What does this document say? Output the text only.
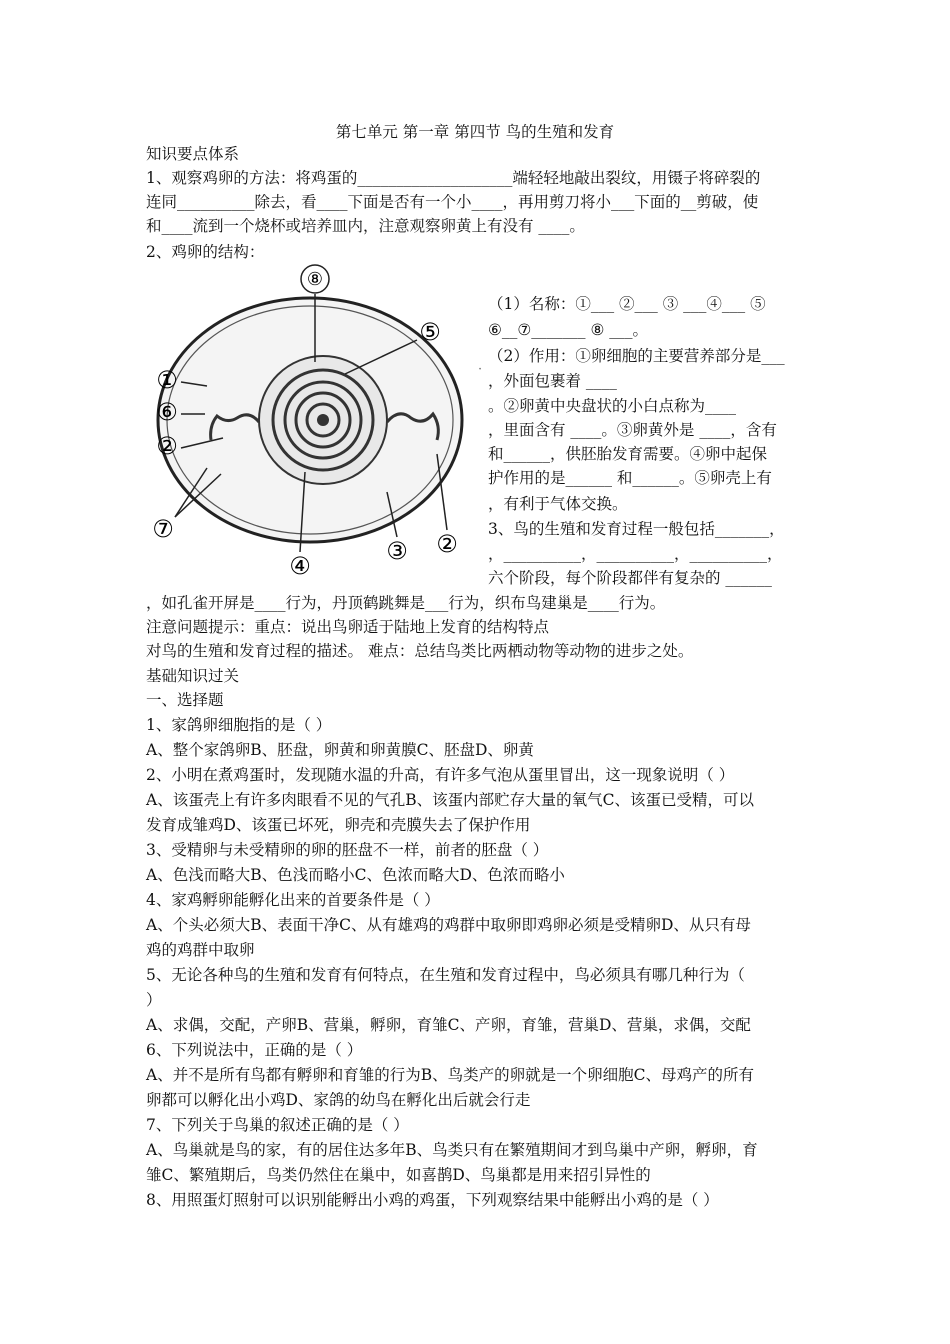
第七单元 第一章 第四节 鸟的生殖和发育
知识要点体系
1、观察鸡卵的方法：将鸡蛋的____________________端轻轻地敲出裂纹，用镊子将碎裂的
连同__________除去，看____下面是否有一个小____，再用剪刀将小___下面的__剪破，使
和____流到一个烧杯或培养皿内，注意观察卵黄上有没有 ____。
2、鸡卵的结构：
⑧
⑤
①
⑥
②
⑦
④
③ ②
·
（1）名称：①___ ②___ ③ ___④___ ⑤
⑥__⑦_______ ⑧ ___。
（2）作用：①卵细胞的主要营养部分是___
，外面包裹着 ____
。②卵黄中央盘状的小白点称为____
，里面含有 ____。③卵黄外是 ____，含有
和______，供胚胎发育需要。④卵中起保
护作用的是______ 和______。⑤卵壳上有
，有利于气体交换。
3、鸟的生殖和发育过程一般包括_______，
，__________，__________，__________，
六个阶段，每个阶段都伴有复杂的 ______
，如孔雀开屏是____行为，丹顶鹤跳舞是___行为，织布鸟建巢是____行为。
注意问题提示：重点：说出鸟卵适于陆地上发育的结构特点
对鸟的生殖和发育过程的描述。 难点：总结鸟类比两栖动物等动物的进步之处。
基础知识过关
一、选择题
1、家鸽卵细胞指的是（ ）
A、整个家鸽卵B、胚盘，卵黄和卵黄膜C、胚盘D、卵黄
2、小明在煮鸡蛋时，发现随水温的升高，有许多气泡从蛋里冒出，这一现象说明（ ）
A、该蛋壳上有许多肉眼看不见的气孔B、该蛋内部贮存大量的氧气C、该蛋已受精，可以
发育成雏鸡D、该蛋已坏死，卵壳和壳膜失去了保护作用
3、受精卵与未受精卵的卵的胚盘不一样，前者的胚盘（ ）
A、色浅而略大B、色浅而略小C、色浓而略大D、色浓而略小
4、家鸡孵卵能孵化出来的首要条件是（ ）
A、个头必须大B、表面干净C、从有雄鸡的鸡群中取卵即鸡卵必须是受精卵D、从只有母
鸡的鸡群中取卵
5、无论各种鸟的生殖和发育有何特点，在生殖和发育过程中，鸟必须具有哪几种行为（
）
A、求偶，交配，产卵B、营巢，孵卵，育雏C、产卵，育雏，营巢D、营巢，求偶，交配
6、下列说法中，正确的是（ ）
A、并不是所有鸟都有孵卵和育雏的行为B、鸟类产的卵就是一个卵细胞C、母鸡产的所有
卵都可以孵化出小鸡D、家鸽的幼鸟在孵化出后就会行走
7、下列关于鸟巢的叙述正确的是（ ）
A、鸟巢就是鸟的家，有的居住达多年B、鸟类只有在繁殖期间才到鸟巢中产卵，孵卵，育
雏C、繁殖期后，鸟类仍然住在巢中，如喜鹊D、鸟巢都是用来招引异性的
8、用照蛋灯照射可以识别能孵出小鸡的鸡蛋，下列观察结果中能孵出小鸡的是（ ）
